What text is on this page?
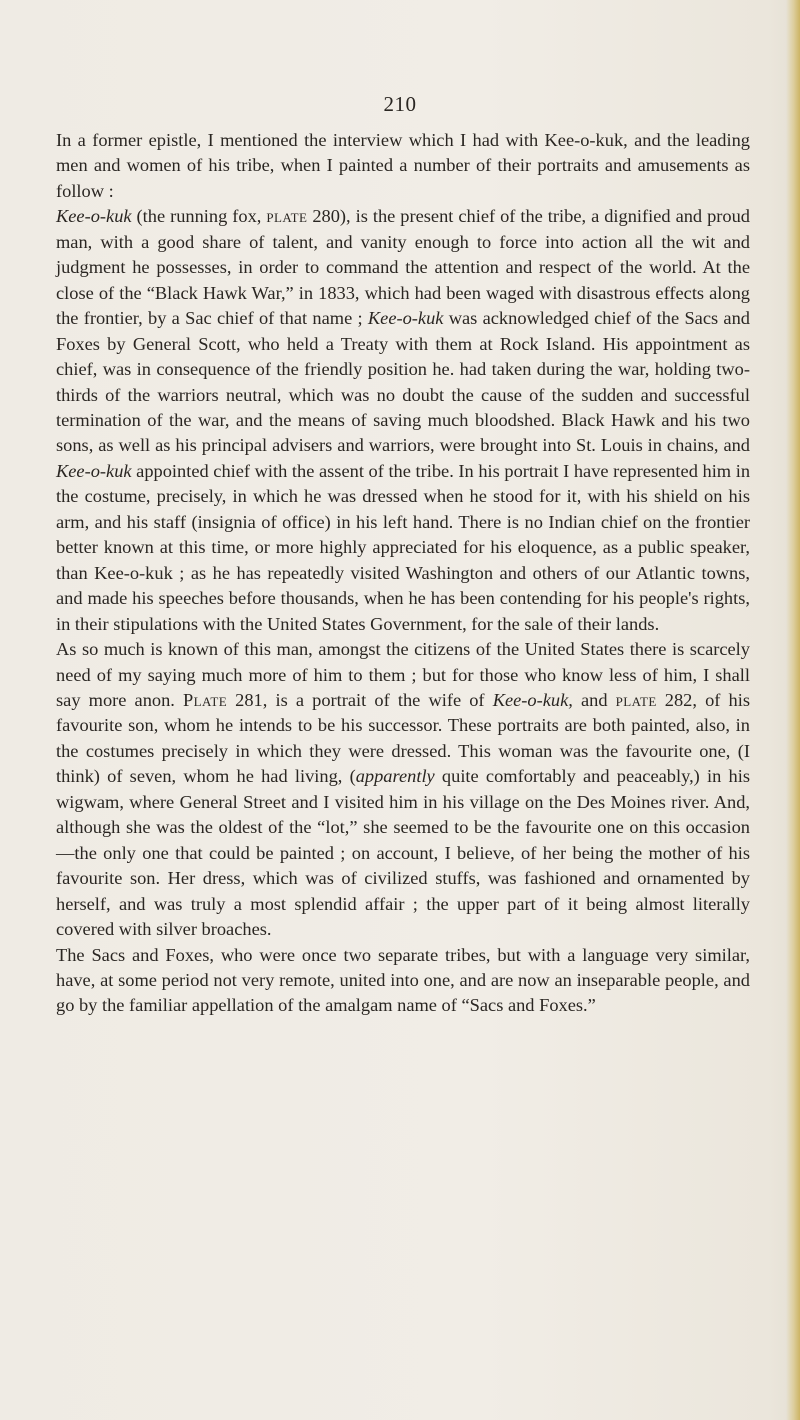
210

In a former epistle, I mentioned the interview which I had with Kee-o-kuk, and the leading men and women of his tribe, when I painted a number of their portraits and amusements as follow :

Kee-o-kuk (the running fox, plate 280), is the present chief of the tribe, a dignified and proud man, with a good share of talent, and vanity enough to force into action all the wit and judgment he possesses, in order to command the attention and respect of the world. At the close of the “Black Hawk War,” in 1833, which had been waged with disastrous effects along the frontier, by a Sac chief of that name ; Kee-o-kuk was acknowledged chief of the Sacs and Foxes by General Scott, who held a Treaty with them at Rock Island. His appointment as chief, was in consequence of the friendly position he. had taken during the war, holding two-thirds of the warriors neutral, which was no doubt the cause of the sudden and successful termination of the war, and the means of saving much bloodshed. Black Hawk and his two sons, as well as his principal advisers and warriors, were brought into St. Louis in chains, and Kee-o-kuk appointed chief with the assent of the tribe. In his portrait I have represented him in the costume, precisely, in which he was dressed when he stood for it, with his shield on his arm, and his staff (insignia of office) in his left hand. There is no Indian chief on the frontier better known at this time, or more highly appreciated for his eloquence, as a public speaker, than Kee-o-kuk ; as he has repeatedly visited Washington and others of our Atlantic towns, and made his speeches before thousands, when he has been contending for his people's rights, in their stipulations with the United States Government, for the sale of their lands.

As so much is known of this man, amongst the citizens of the United States there is scarcely need of my saying much more of him to them ; but for those who know less of him, I shall say more anon. Plate 281, is a portrait of the wife of Kee-o-kuk, and plate 282, of his favourite son, whom he intends to be his successor. These portraits are both painted, also, in the costumes precisely in which they were dressed. This woman was the favourite one, (I think) of seven, whom he had living, (apparently quite comfortably and peaceably,) in his wigwam, where General Street and I visited him in his village on the Des Moines river. And, although she was the oldest of the “lot,” she seemed to be the favourite one on this occasion—the only one that could be painted ; on account, I believe, of her being the mother of his favourite son. Her dress, which was of civilized stuffs, was fashioned and ornamented by herself, and was truly a most splendid affair ; the upper part of it being almost literally covered with silver broaches.

The Sacs and Foxes, who were once two separate tribes, but with a language very similar, have, at some period not very remote, united into one, and are now an inseparable people, and go by the familiar appellation of the amalgam name of “Sacs and Foxes.”
